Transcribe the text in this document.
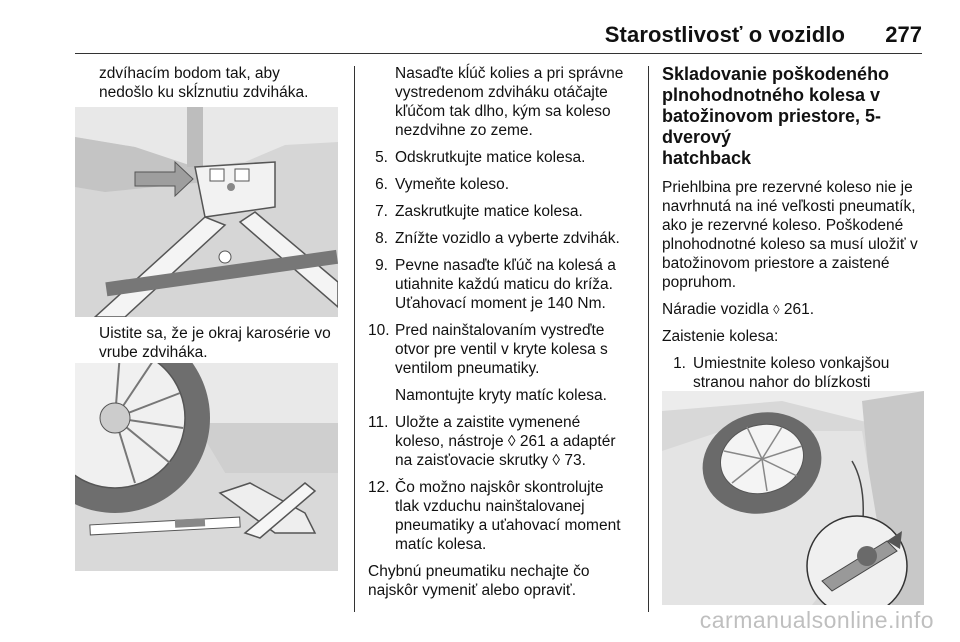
Starostlivosť o vozidlo 277

zdvíhacím bodom tak, aby

nedošlo ku skĺznutiu zdviháka.

Uistite sa, že je okraj karosérie vo

vrube zdviháka.

Nasaďte kĺúč kolies a pri správne

vystredenom zdviháku otáčajte

kľúčom tak dlho, kým sa koleso

nezdvihne zo zeme.

5. Odskrutkujte matice kolesa.

6. Vymeňte koleso.

7. Zaskrutkujte matice kolesa.

8. Znížte vozidlo a vyberte zdvihák.

9. Pevne nasaďte kľúč na kolesá a
utiahnite každú maticu do kríža.
Uťahovací moment je 140 Nm.
10. Pred nainštalovaním vystreďte
otvor pre ventil v kryte kolesa s
ventilom pneumatiky.
Namontujte kryty matíc kolesa.
11. Uložte a zaistite vymenené
koleso, nástroje ◊ 261 a adaptér
na zaisťovacie skrutky ◊ 73.
12. Čo možno najskôr skontrolujte
tlak vzduchu nainštalovanej
pneumatiky a uťahovací moment
matíc kolesa.

Chybnú pneumatiku nechajte čo

najskôr vymeniť alebo opraviť.

Skladovanie poškodeného
plnohodnotného kolesa v
batožinovom priestore, 5-dverový
hatchback
Priehlbina pre rezervné koleso nie je
navrhnutá na iné veľkosti pneumatík,
ako je rezervné koleso. Poškodené
plnohodnotné koleso sa musí uložiť v
batožinovom priestore a zaistené
popruhom.
Náradie vozidla ◊ 261.
Zaistenie kolesa:
1. Umiestnite koleso vonkajšou
stranou nahor do blízkosti
carmanualsonline.info
